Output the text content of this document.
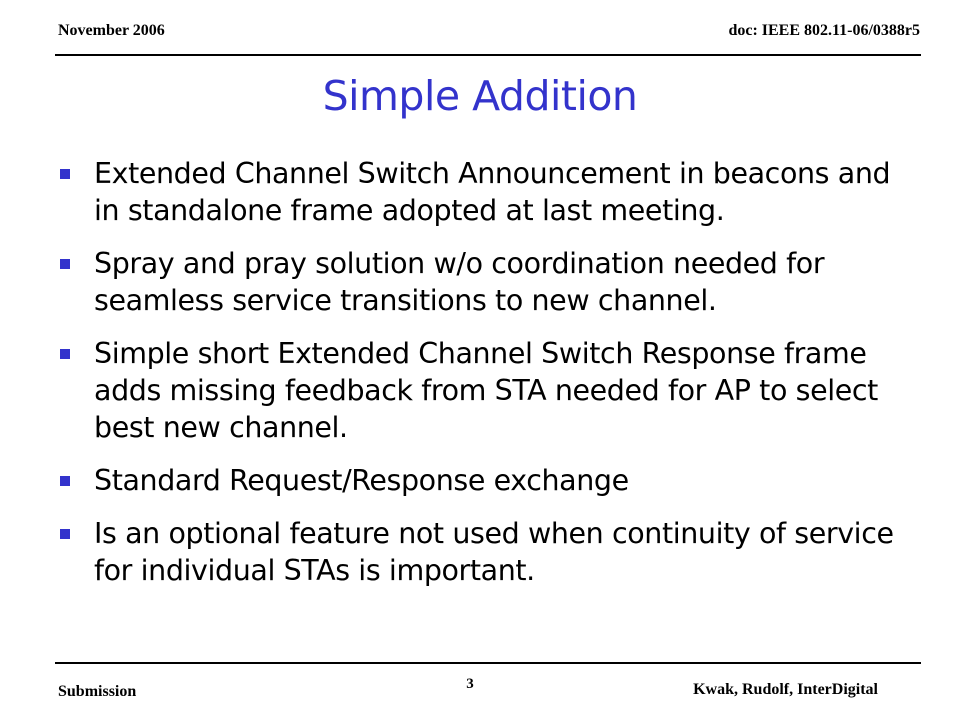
November 2006	doc: IEEE 802.11-06/0388r5
Simple Addition
Extended Channel Switch Announcement in beacons and in standalone frame adopted at last meeting.
Spray and pray solution w/o coordination needed for seamless service transitions to new channel.
Simple short Extended Channel Switch Response frame adds missing feedback from STA needed for AP to select best new channel.
Standard Request/Response exchange
Is an optional feature not used when continuity of service for individual STAs is important.
Submission	3	Kwak, Rudolf, InterDigital
